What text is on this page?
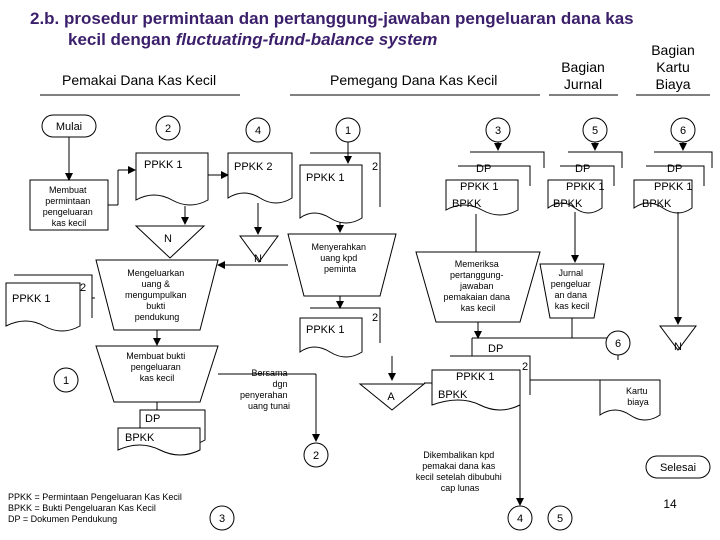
2.b. prosedur permintaan dan pertanggung-jawaban pengeluaran dana kas
kecil dengan fluctuating-fund-balance system
Pemakai Dana Kas Kecil	Pemegang Dana Kas Kecil
Bagian
Jurnal
Bagian
Kartu
Biaya
Mulai
Membuat permintaan pengeluaran kas kecil
PPKK 1
N
PPKK 1
2
Mengeluarkan uang & mengumpulkan bukti pendukung
1
Membuat bukti pengeluaran kas kecil
DP
BPKK
3
PPKK = Permintaan Pengeluaran Kas Kecil BPKK = Bukti Pengeluaran Kas Kecil DP = Dokumen Pendukung
2	4	1	3	5	6
PPKK 2
N
PPKK 1
2
Menyerahkan uang kpd peminta
PPKK 1
2
Bersama dgn penyerahan uang tunai
2
A
DP
PPKK 1
BPKK
Memeriksa pertanggung- jawaban pemakaian dana kas kecil
DP
PPKK 1
2
BPKK
4
Dikembalikan kpd pemakai dana kas kecil setelah dibubuhi cap lunas
DP
PPKK 1
BPKK
Jurnal pengeluar an dana kas kecil
6
Kartu biaya
5
DP
PPKK 1
BPKK
N
Selesai
14
